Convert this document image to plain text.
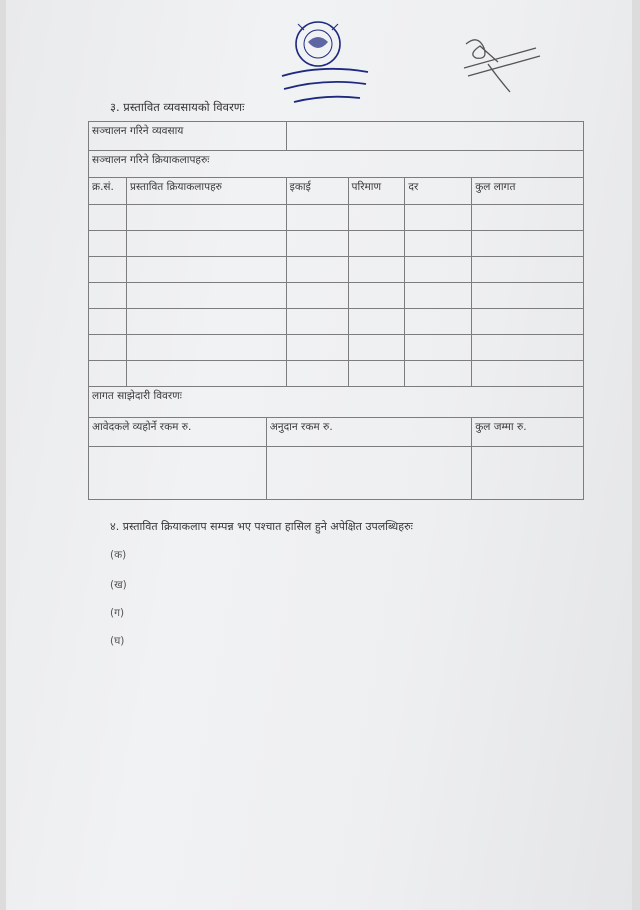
३. प्रस्तावित व्यवसायको विवरणः
सञ्चालन गरिने व्यवसाय						
सञ्चालन गरिने क्रियाकलापहरुः						
क्र.सं.	प्रस्तावित क्रियाकलापहरु		इकाई	परिमाण	दर	कुल लागत

लागत साझेदारी विवरणः						
आवेदकले व्यहोर्ने रकम रु.		अनुदान रकम रु.				कुल जम्मा रु.

४. प्रस्तावित क्रियाकलाप सम्पन्न भए पश्चात हासिल हुने अपेक्षित उपलब्धिहरुः
(क)
(ख)
(ग)
(घ)
